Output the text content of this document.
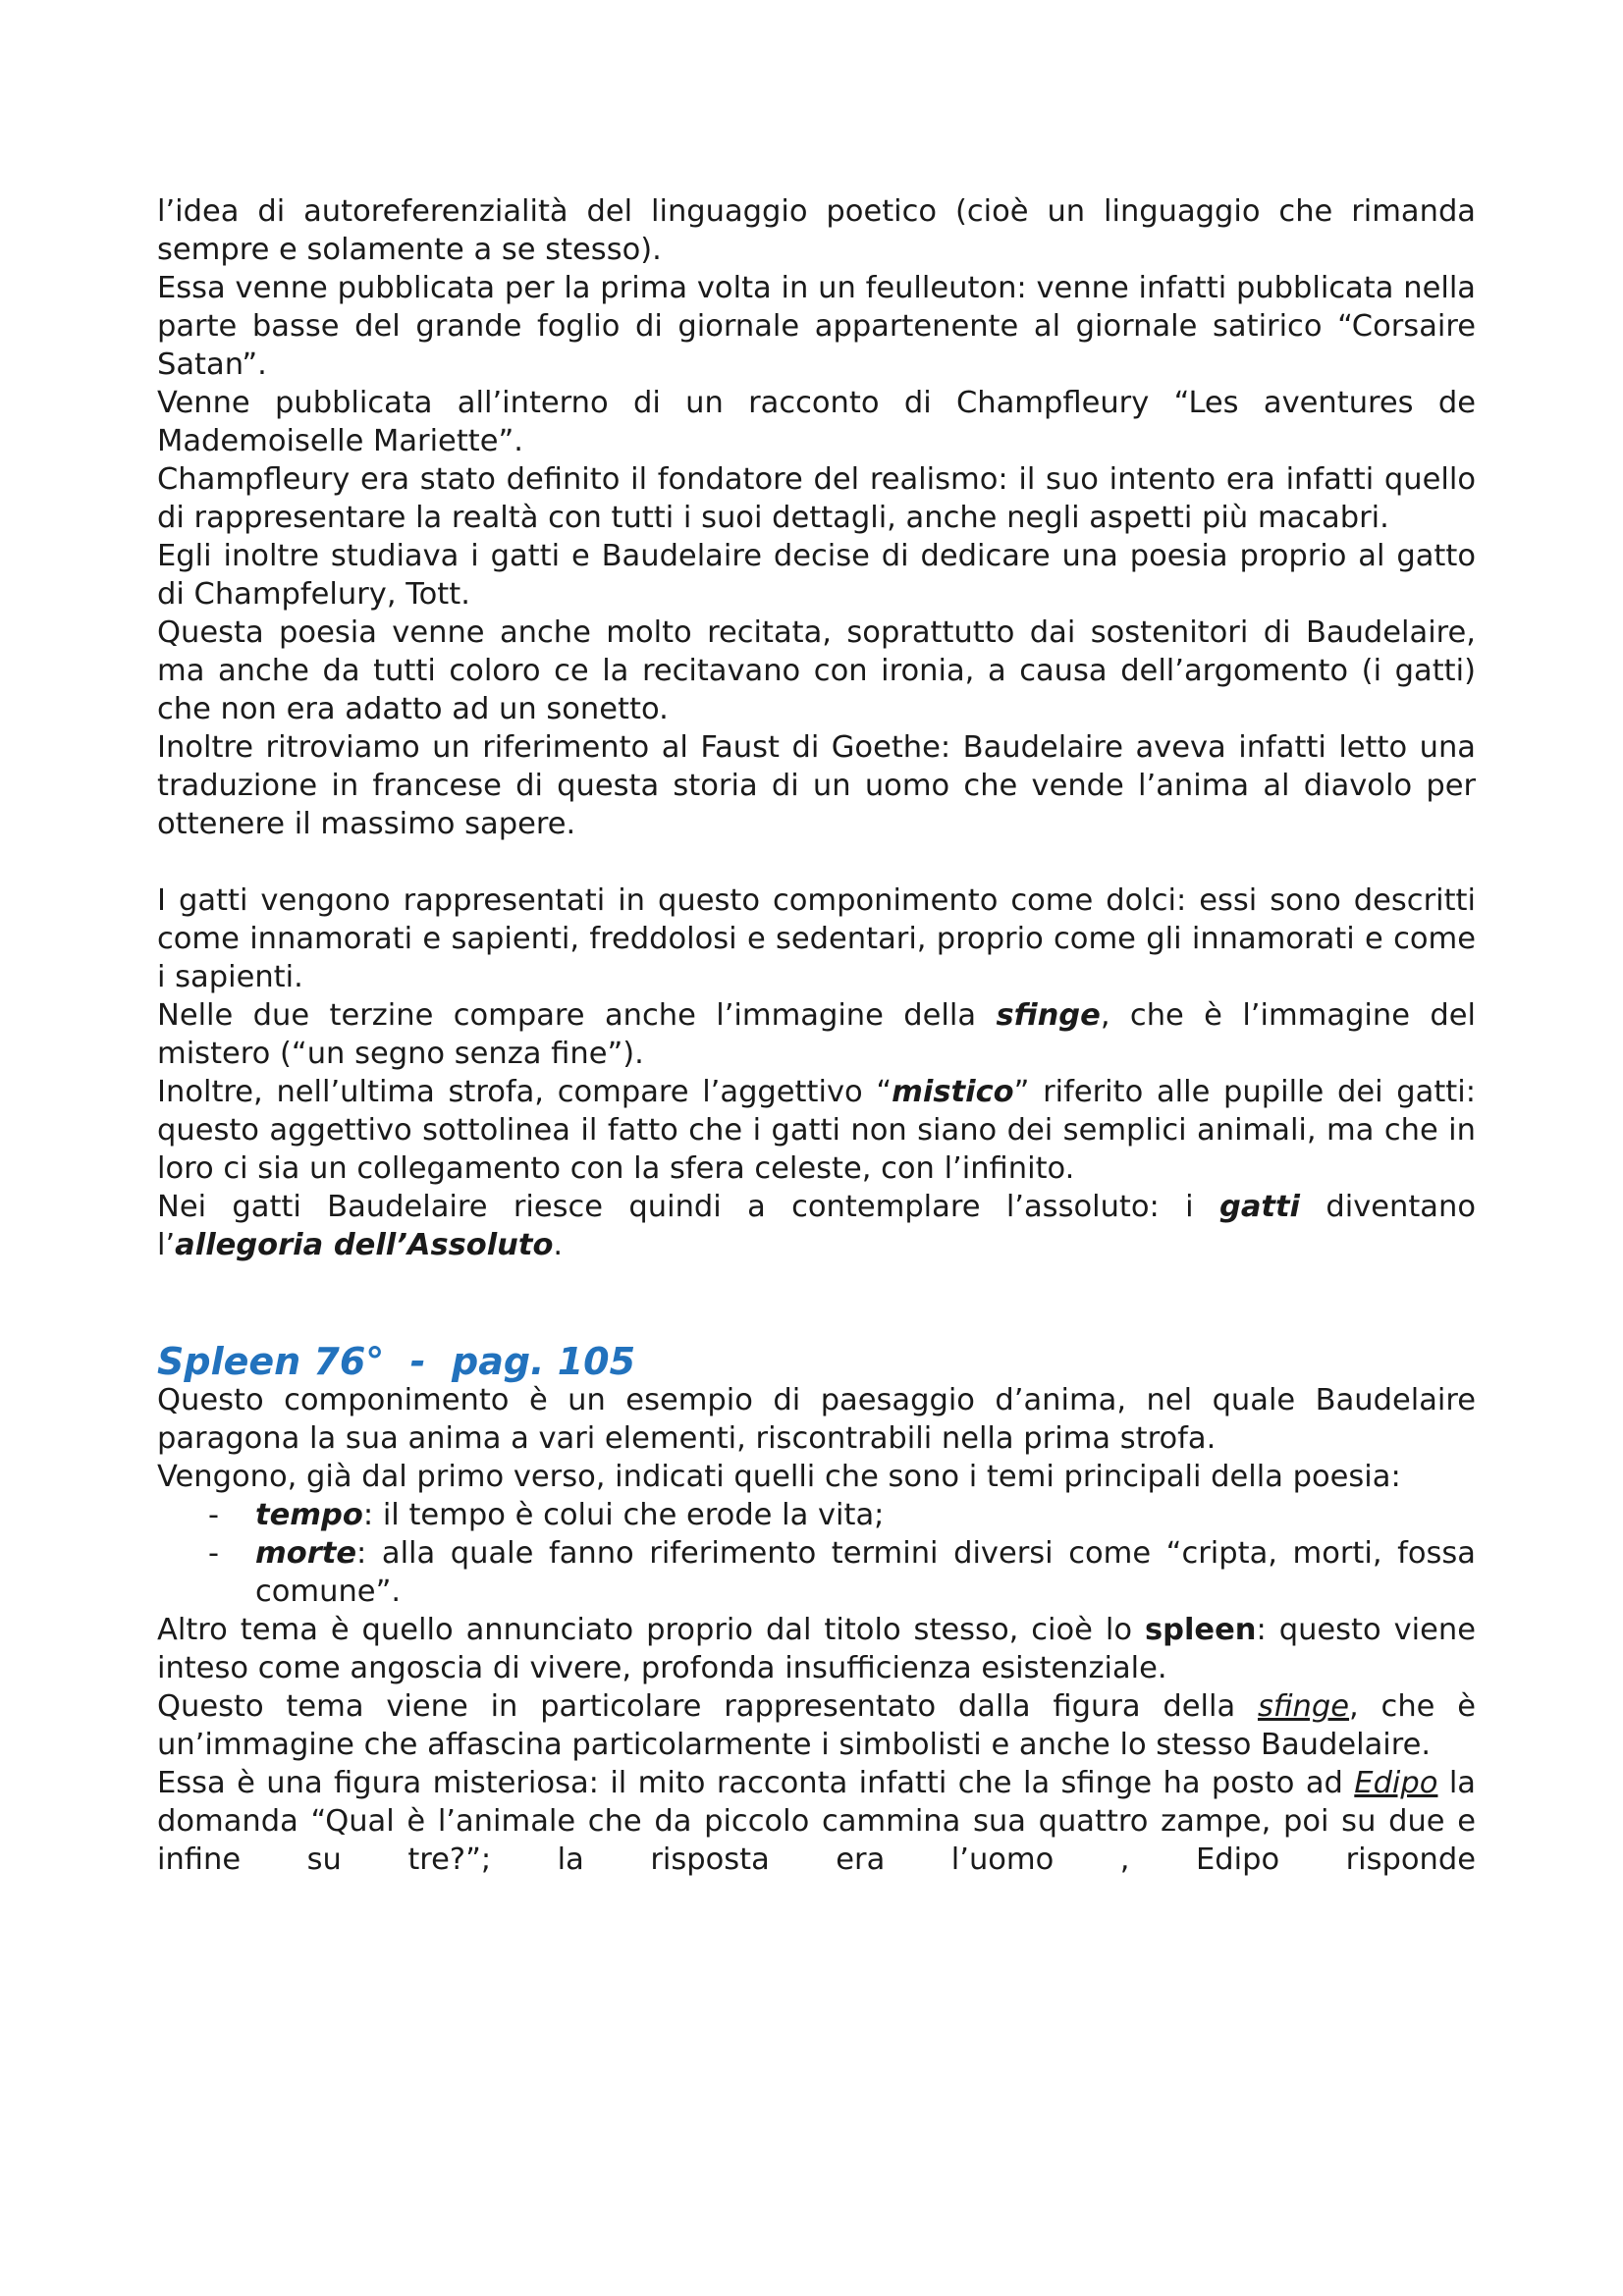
l’idea di autoreferenzialità del linguaggio poetico (cioè un linguaggio che rimanda sempre e solamente a se stesso).

Essa venne pubblicata per la prima volta in un feulleuton: venne infatti pubblicata nella parte basse del grande foglio di giornale appartenente al giornale satirico “Corsaire Satan”.

Venne pubblicata all’interno di un racconto di Champfleury “Les aventures de Mademoiselle Mariette”.

Champfleury era stato definito il fondatore del realismo: il suo intento era infatti quello di rappresentare la realtà con tutti i suoi dettagli, anche negli aspetti più macabri.

Egli inoltre studiava i gatti e Baudelaire decise di dedicare una poesia proprio al gatto di Champfelury, Tott.

Questa poesia venne anche molto recitata, soprattutto dai sostenitori di Baudelaire, ma anche da tutti coloro ce la recitavano con ironia, a causa dell’argomento (i gatti) che non era adatto ad un sonetto.

Inoltre ritroviamo un riferimento al Faust di Goethe: Baudelaire aveva infatti letto una traduzione in francese di questa storia di un uomo che vende l’anima al diavolo per ottenere il massimo sapere.

I gatti vengono rappresentati in questo componimento come dolci: essi sono descritti come innamorati e sapienti, freddolosi e sedentari, proprio come gli innamorati e come i sapienti.

Nelle due terzine compare anche l’immagine della sfinge, che è l’immagine del mistero (“un segno senza fine”).

Inoltre, nell’ultima strofa, compare l’aggettivo “mistico” riferito alle pupille dei gatti: questo aggettivo sottolinea il fatto che i gatti non siano dei semplici animali, ma che in loro ci sia un collegamento con la sfera celeste, con l’infinito.

Nei gatti Baudelaire riesce quindi a contemplare l’assoluto: i gatti diventano l’allegoria dell’Assoluto.

Spleen 76°  -  pag. 105

Questo componimento è un esempio di paesaggio d’anima, nel quale Baudelaire paragona la sua anima a vari elementi, riscontrabili nella prima strofa.

Vengono, già dal primo verso, indicati quelli che sono i temi principali della poesia:

- tempo: il tempo è colui che erode la vita;
- morte: alla quale fanno riferimento termini diversi come “cripta, morti, fossa comune”.

Altro tema è quello annunciato proprio dal titolo stesso, cioè lo spleen: questo viene inteso come angoscia di vivere, profonda insufficienza esistenziale.

Questo tema viene in particolare rappresentato dalla figura della sfinge, che è un’immagine che affascina particolarmente i simbolisti e anche lo stesso Baudelaire.

Essa è una figura misteriosa: il mito racconta infatti che la sfinge ha posto ad Edipo la domanda “Qual è l’animale che da piccolo cammina sua quattro zampe, poi su due e infine su tre?”; la risposta era l’uomo , Edipo risponde
